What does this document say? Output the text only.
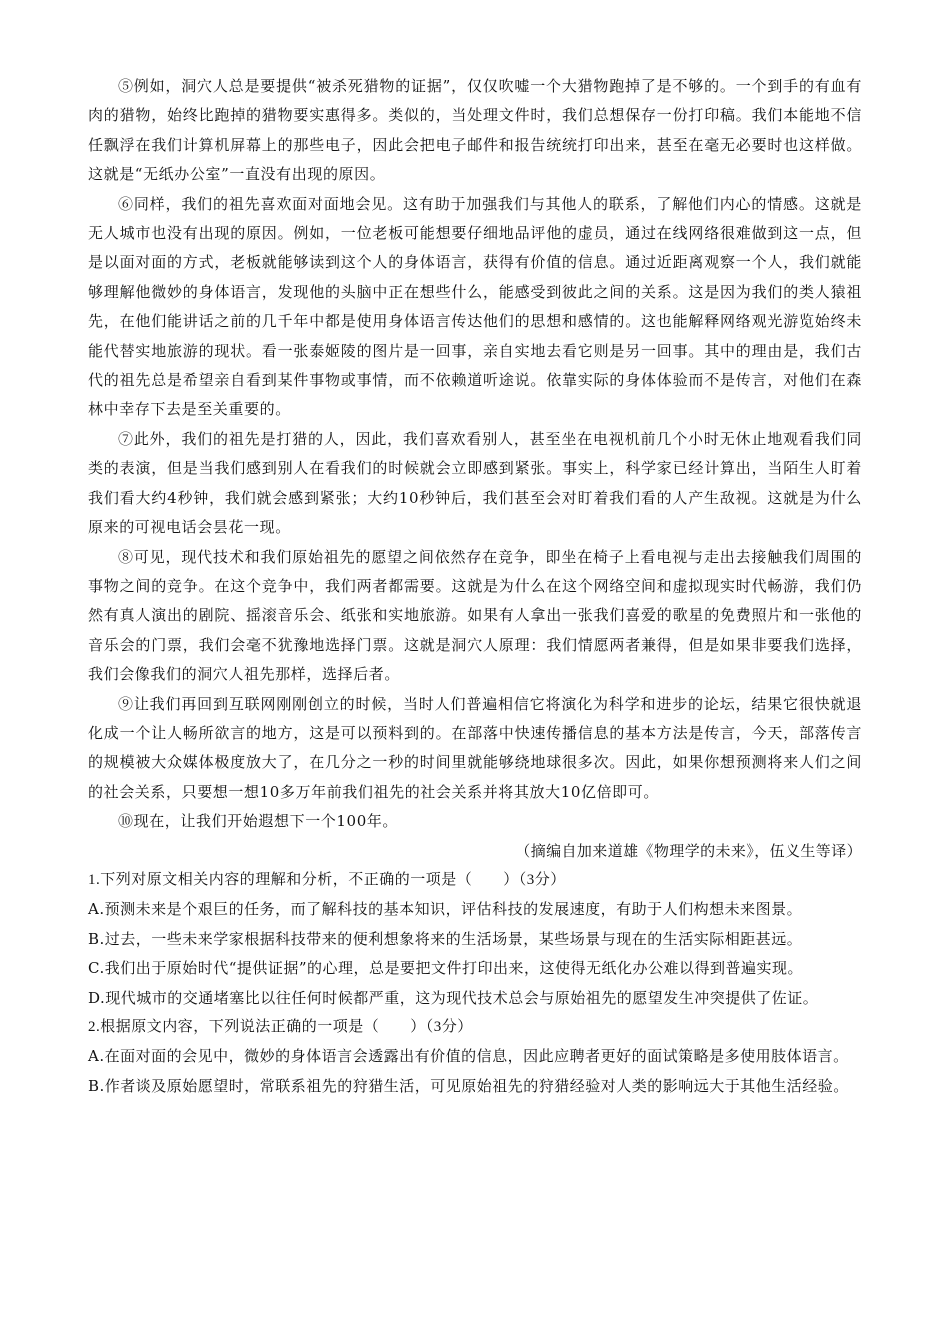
⑤例如，洞穴人总是要提供“被杀死猎物的证据”，仅仅吹嘘一个大猎物跑掉了是不够的。一个到手的有血有肉的猎物，始终比跑掉的猎物要实惠得多。类似的，当处理文件时，我们总想保存一份打印稿。我们本能地不信任飘浮在我们计算机屏幕上的那些电子，因此会把电子邮件和报告统统打印出来，甚至在毫无必要时也这样做。这就是“无纸办公室”一直没有出现的原因。

⑥同样，我们的祖先喜欢面对面地会见。这有助于加强我们与其他人的联系，了解他们内心的情感。这就是无人城市也没有出现的原因。例如，一位老板可能想要仔细地品评他的虚员，通过在线网络很难做到这一点，但是以面对面的方式，老板就能够读到这个人的身体语言，获得有价值的信息。通过近距离观察一个人，我们就能够理解他微妙的身体语言，发现他的头脑中正在想些什么，能感受到彼此之间的关系。这是因为我们的类人猿祖先，在他们能讲话之前的几千年中都是使用身体语言传达他们的思想和感情的。这也能解释网络观光游览始终未能代替实地旅游的现状。看一张泰姬陵的图片是一回事，亲自实地去看它则是另一回事。其中的理由是，我们古代的祖先总是希望亲自看到某件事物或事情，而不依赖道听途说。依靠实际的身体体验而不是传言，对他们在森林中幸存下去是至关重要的。

⑦此外，我们的祖先是打猎的人，因此，我们喜欢看别人，甚至坐在电视机前几个小时无休止地观看我们同类的表演，但是当我们感到别人在看我们的时候就会立即感到紧张。事实上，科学家已经计算出，当陌生人盯着我们看大约4秒钟，我们就会感到紧张；大约10秒钟后，我们甚至会对盯着我们看的人产生敌视。这就是为什么原来的可视电话会昙花一现。

⑧可见，现代技术和我们原始祖先的愿望之间依然存在竞争，即坐在椅子上看电视与走出去接触我们周围的事物之间的竞争。在这个竞争中，我们两者都需要。这就是为什么在这个网络空间和虚拟现实时代畅游，我们仍然有真人演出的剧院、摇滚音乐会、纸张和实地旅游。如果有人拿出一张我们喜爱的歌星的免费照片和一张他的音乐会的门票，我们会毫不犹豫地选择门票。这就是洞穴人原理：我们情愿两者兼得，但是如果非要我们选择，我们会像我们的洞穴人祖先那样，选择后者。

⑨让我们再回到互联网刚刚创立的时候，当时人们普遍相信它将演化为科学和进步的论坛，结果它很快就退化成一个让人畅所欲言的地方，这是可以预料到的。在部落中快速传播信息的基本方法是传言，今天，部落传言的规模被大众媒体极度放大了，在几分之一秒的时间里就能够绕地球很多次。因此，如果你想预测将来人们之间的社会关系，只要想一想10多万年前我们祖先的社会关系并将其放大10亿倍即可。

⑩现在，让我们开始遐想下一个100年。

（摘编自加来道雄《物理学的未来》，伍义生等译）

1.下列对原文相关内容的理解和分析，不正确的一项是（　　）（3分）

A.预测未来是个艰巨的任务，而了解科技的基本知识，评估科技的发展速度，有助于人们构想未来图景。

B.过去，一些未来学家根据科技带来的便利想象将来的生活场景，某些场景与现在的生活实际相距甚远。

C.我们出于原始时代“提供证据”的心理，总是要把文件打印出来，这使得无纸化办公难以得到普遍实现。

D.现代城市的交通堵塞比以往任何时候都严重，这为现代技术总会与原始祖先的愿望发生冲突提供了佐证。

2.根据原文内容，下列说法正确的一项是（　　）（3分）

A.在面对面的会见中，微妙的身体语言会透露出有价值的信息，因此应聘者更好的面试策略是多使用肢体语言。

B.作者谈及原始愿望时，常联系祖先的狩猎生活，可见原始祖先的狩猎经验对人类的影响远大于其他生活经验。
